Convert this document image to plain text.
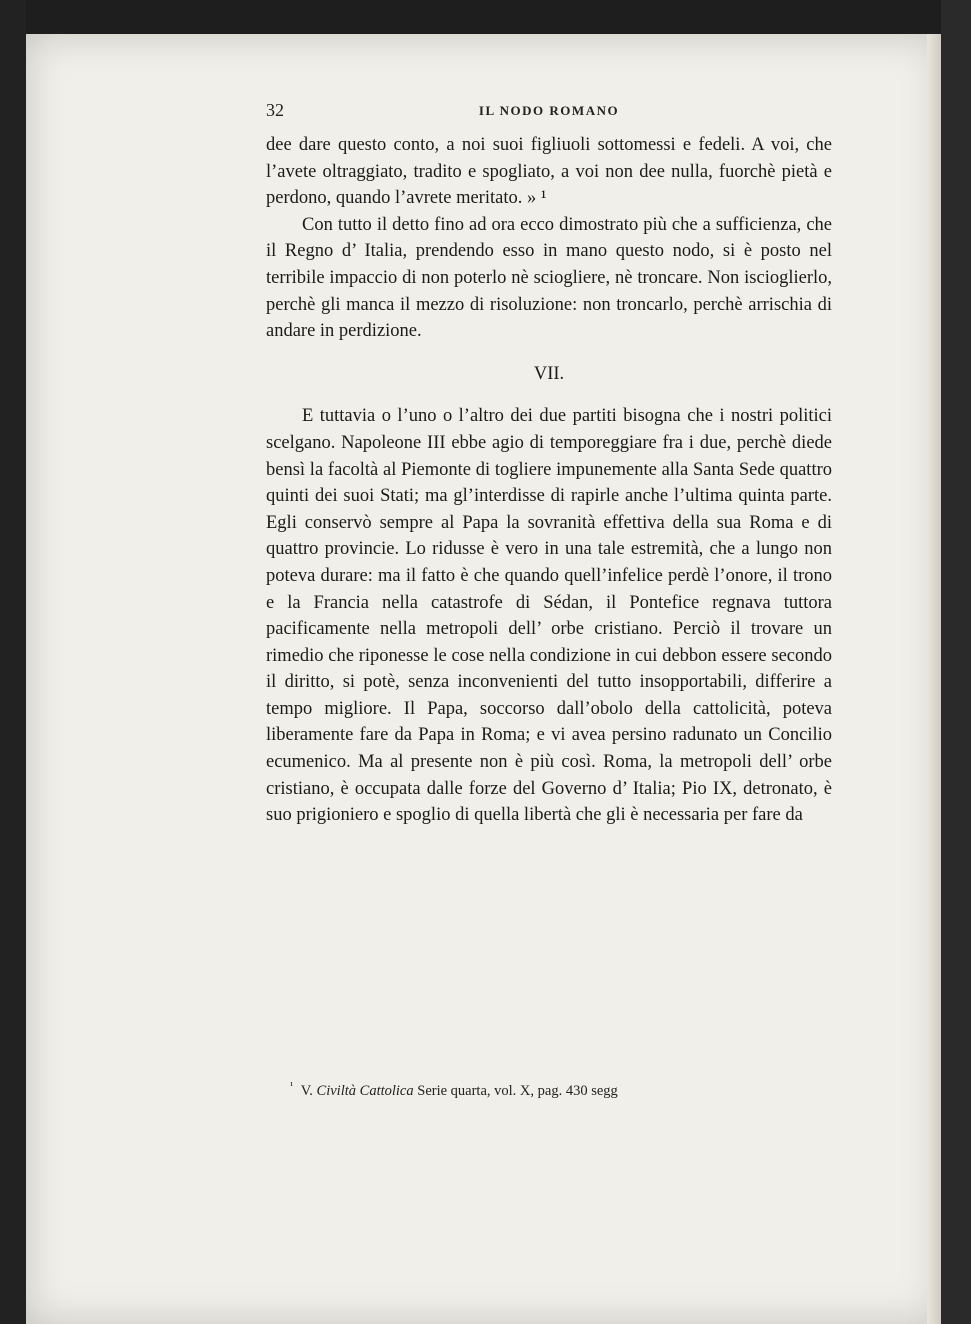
32	IL NODO ROMANO

dee dare questo conto, a noi suoi figliuoli sottomessi e fedeli. A voi, che l’avete oltraggiato, tradito e spogliato, a voi non dee nulla, fuorchè pietà e perdono, quando l’avrete meritato. » ¹

Con tutto il detto fino ad ora ecco dimostrato più che a sufficienza, che il Regno d’ Italia, prendendo esso in mano questo nodo, si è posto nel terribile impaccio di non poterlo nè sciogliere, nè troncare. Non iscioglierlo, perchè gli manca il mezzo di risoluzione: non troncarlo, perchè arrischia di andare in perdizione.

VII.

E tuttavia o l’uno o l’altro dei due partiti bisogna che i nostri politici scelgano. Napoleone III ebbe agio di temporeggiare fra i due, perchè diede bensì la facoltà al Piemonte di togliere impunemente alla Santa Sede quattro quinti dei suoi Stati; ma gl’interdisse di rapirle anche l’ultima quinta parte. Egli conservò sempre al Papa la sovranità effettiva della sua Roma e di quattro provincie. Lo ridusse è vero in una tale estremità, che a lungo non poteva durare: ma il fatto è che quando quell’infelice perdè l’onore, il trono e la Francia nella catastrofe di Sédan, il Pontefice regnava tuttora pacificamente nella metropoli dell’ orbe cristiano. Perciò il trovare un rimedio che riponesse le cose nella condizione in cui debbon essere secondo il diritto, si potè, senza inconvenienti del tutto insopportabili, differire a tempo migliore. Il Papa, soccorso dall’obolo della cattolicità, poteva liberamente fare da Papa in Roma; e vi avea persino radunato un Concilio ecumenico. Ma al presente non è più così. Roma, la metropoli dell’ orbe cristiano, è occupata dalle forze del Governo d’ Italia; Pio IX, detronato, è suo prigioniero e spoglio di quella libertà che gli è necessaria per fare da

$^{^1}$ V. Civiltà Cattolica Serie quarta, vol. X, pag. 430 segg
